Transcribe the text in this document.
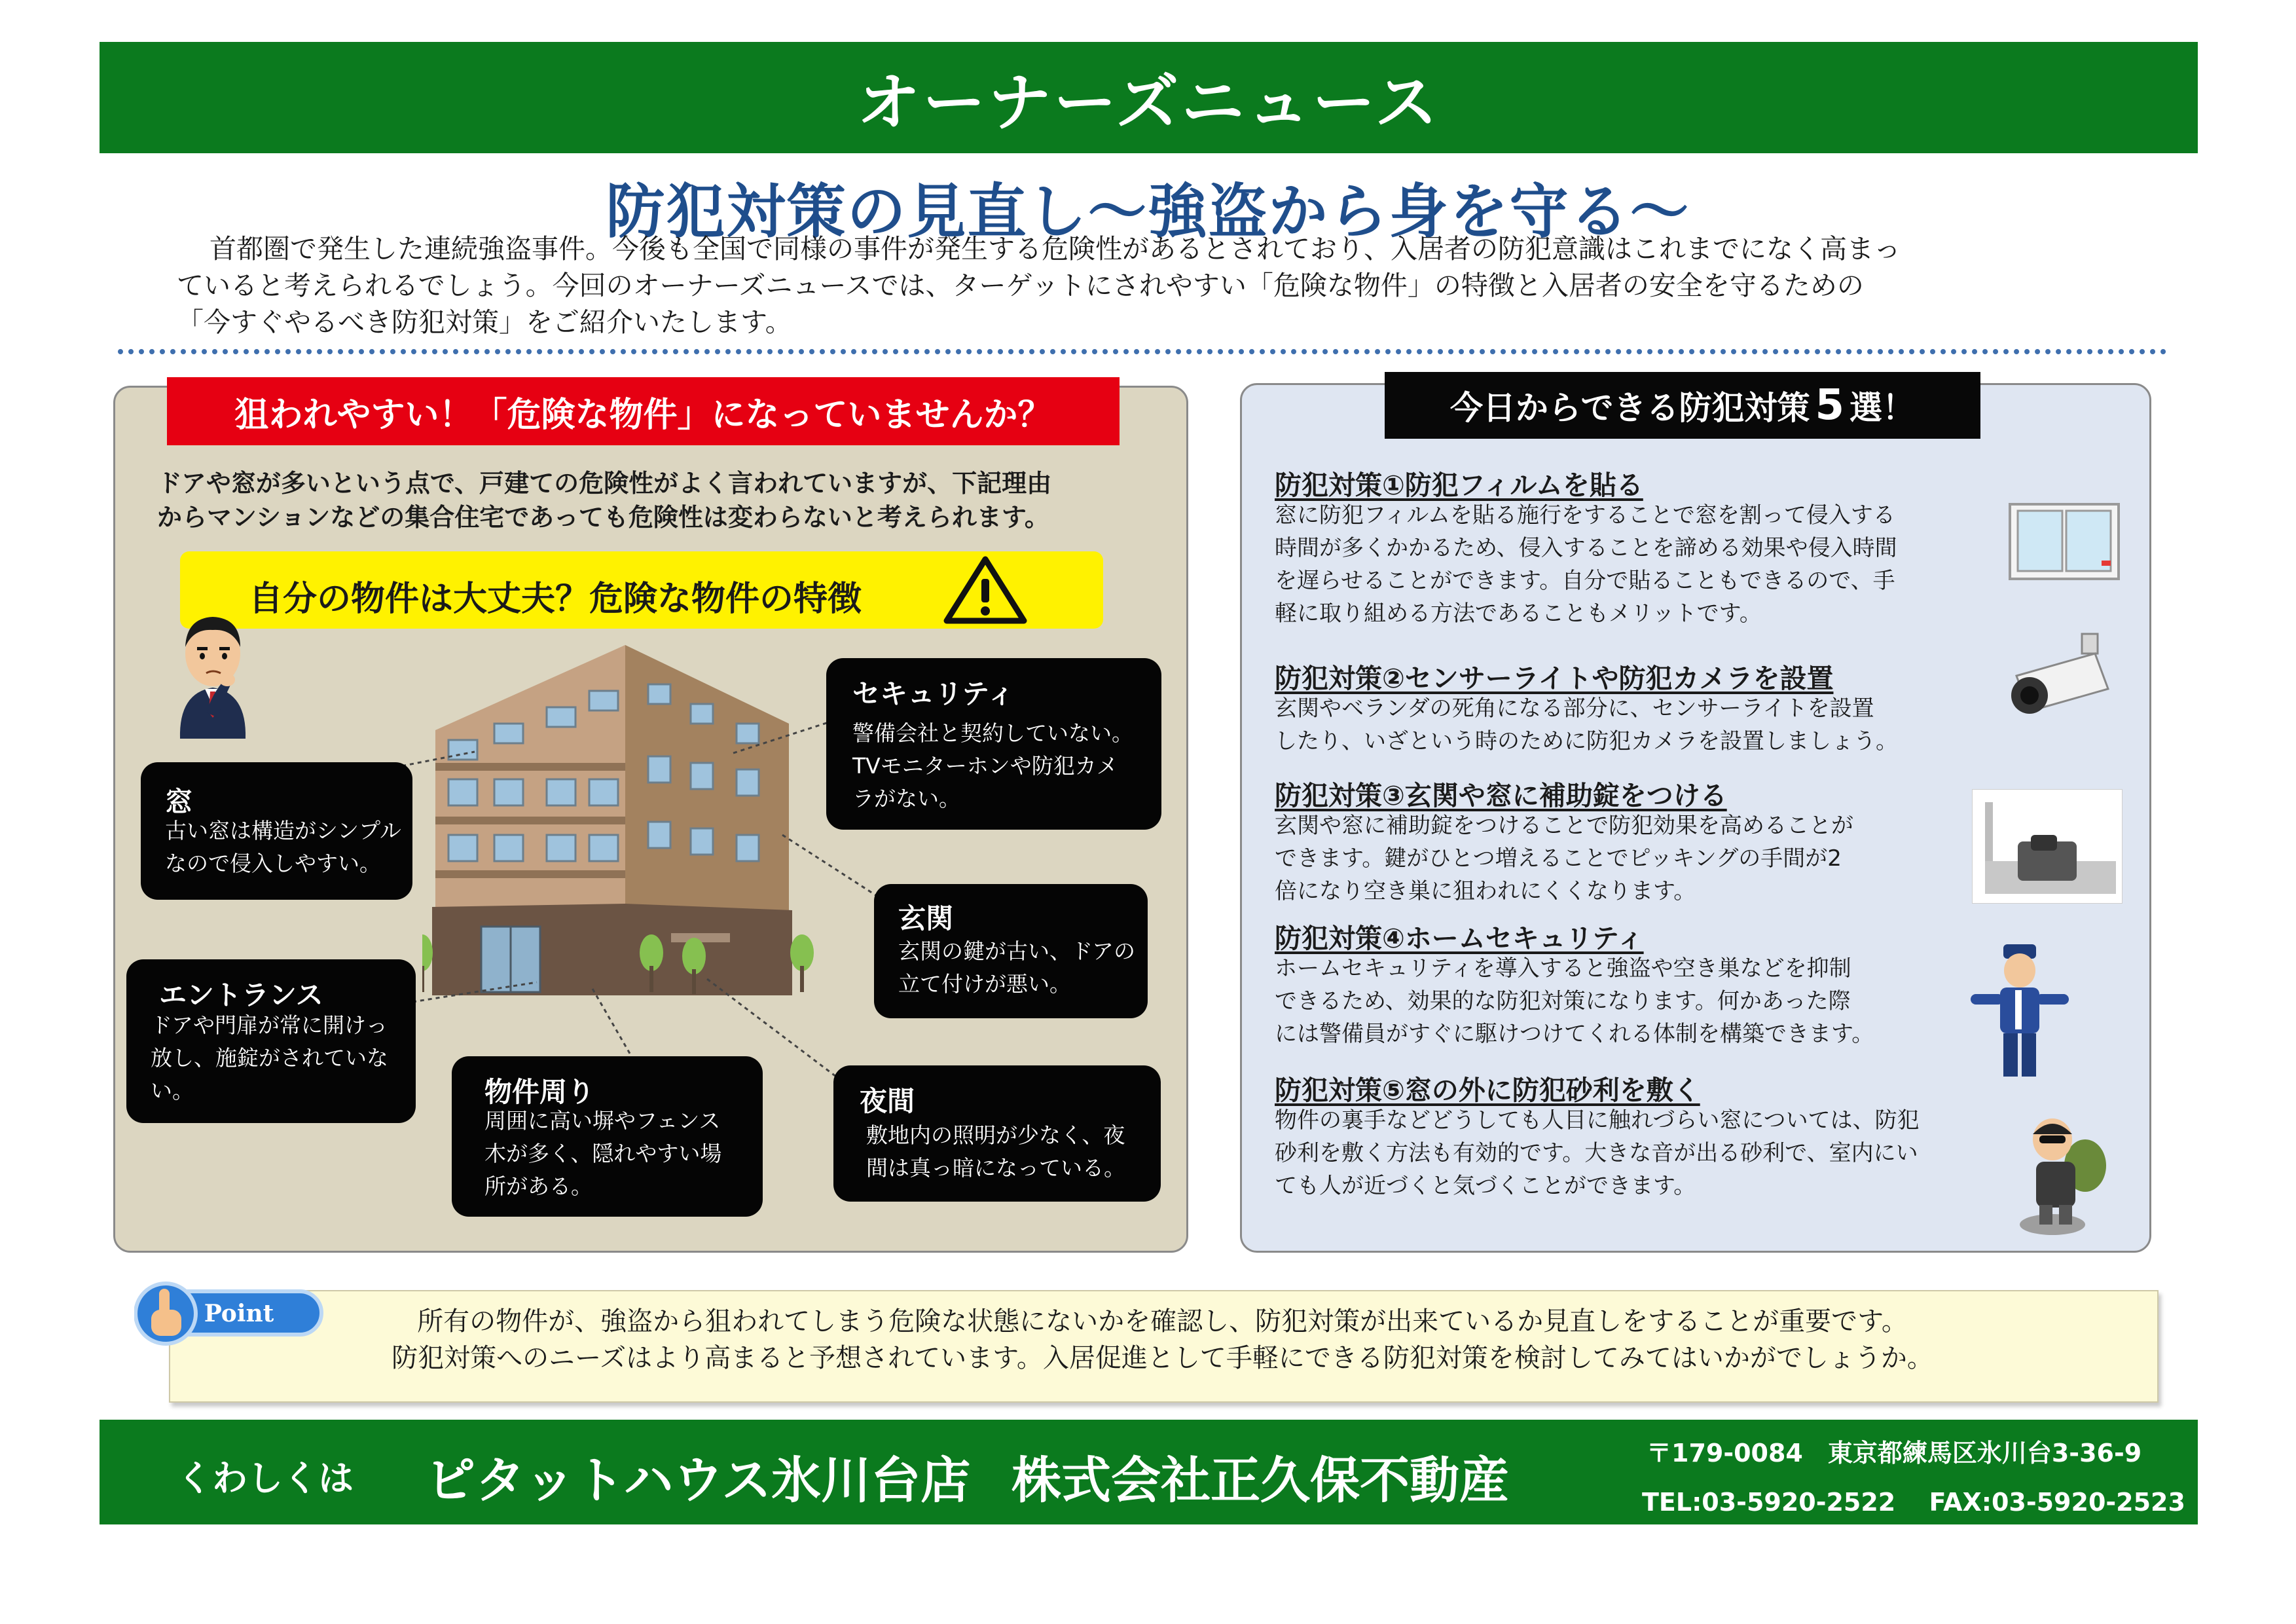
オーナーズニュース
防犯対策の見直し～強盗から身を守る～

首都圏で発生した連続強盗事件。今後も全国で同様の事件が発生する危険性があるとされており、入居者の防犯意識はこれまでになく高まっ

ていると考えられるでしょう。今回のオーナーズニュースでは、ターゲットにされやすい「危険な物件」の特徴と入居者の安全を守るための

「今すぐやるべき防犯対策」をご紹介いたします。

狙われやすい！「危険な物件」になっていませんか？
ドアや窓が多いという点で、戸建ての危険性がよく言われていますが、下記理由
からマンションなどの集合住宅であっても危険性は変わらないと考えられます。
自分の物件は大丈夫？危険な物件の特徴
窓
古い窓は構造がシンプル
なので侵入しやすい。
エントランス
ドアや門扉が常に開けっ
放し、施錠がされていな
い。	物件周り
周囲に高い塀やフェンス
木が多く、隠れやすい場
所がある。
セキュリティ
警備会社と契約していない。
TVモニターホンや防犯カメ
ラがない。
玄関
玄関の鍵が古い、ドアの
立て付けが悪い。
夜間
敷地内の照明が少なく、夜
間は真っ暗になっている。
今日からできる防犯対策 5 選！
防犯対策①防犯フィルムを貼る
窓に防犯フィルムを貼る施行をすることで窓を割って侵入する
時間が多くかかるため、侵入することを諦める効果や侵入時間
を遅らせることができます。自分で貼ることもできるので、手
軽に取り組める方法であることもメリットです。
防犯対策②センサーライトや防犯カメラを設置
玄関やベランダの死角になる部分に、センサーライトを設置
したり、いざという時のために防犯カメラを設置しましょう。
防犯対策③玄関や窓に補助錠をつける
玄関や窓に補助錠をつけることで防犯効果を高めることが
できます。鍵がひとつ増えることでピッキングの手間が2
倍になり空き巣に狙われにくくなります。
防犯対策④ホームセキュリティ
ホームセキュリティを導入すると強盗や空き巣などを抑制
できるため、効果的な防犯対策になります。何かあった際
には警備員がすぐに駆けつけてくれる体制を構築できます。
防犯対策⑤窓の外に防犯砂利を敷く
物件の裏手などどうしても人目に触れづらい窓については、防犯
砂利を敷く方法も有効的です。大きな音が出る砂利で、室内にい
ても人が近づくと気づくことができます。
所有の物件が、強盗から狙われてしまう危険な状態にないかを確認し、防犯対策が出来ているか見直しをすることが重要です。
防犯対策へのニーズはより高まると予想されています。入居促進として手軽にできる防犯対策を検討してみてはいかがでしょうか。
Point
くわしくは ピタットハウス氷川台店 株式会社正久保不動産	〒179-0084　東京都練馬区氷川台3-36-9
TEL:03-5920-2522　 FAX:03-5920-2523
